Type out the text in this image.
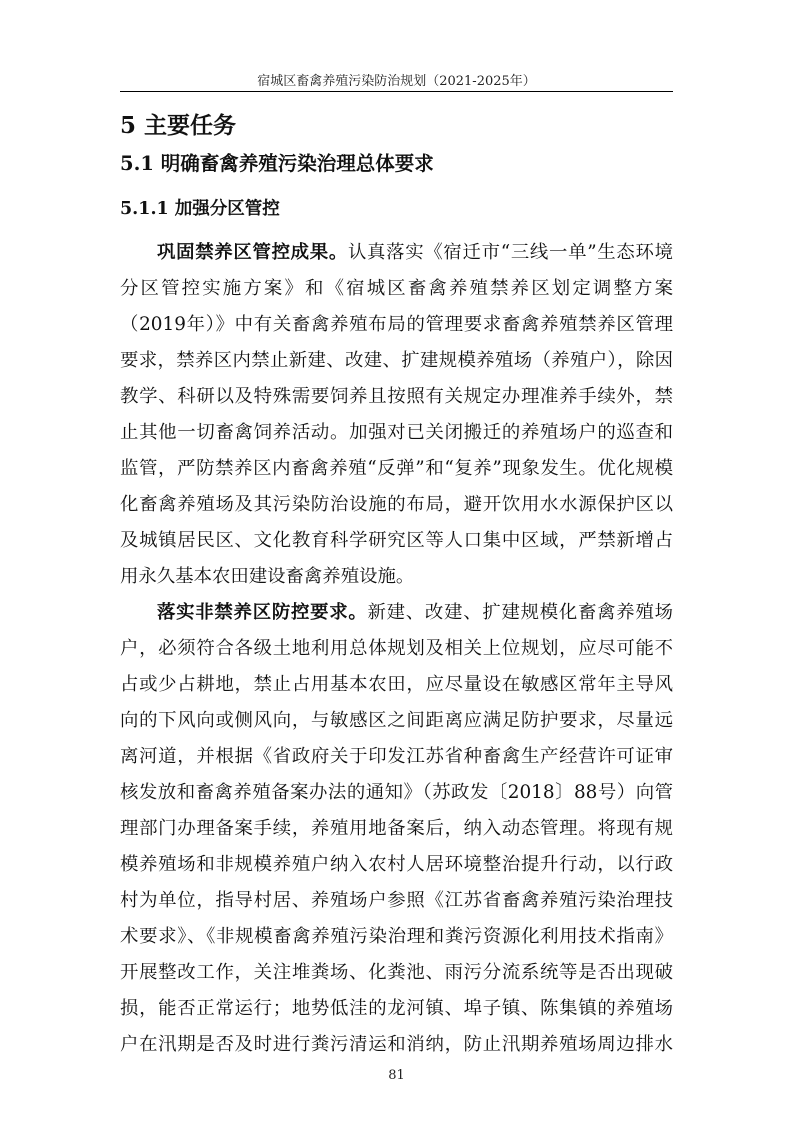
宿城区畜禽养殖污染防治规划（2021-2025年）
5 主要任务
5.1 明确畜禽养殖污染治理总体要求
5.1.1 加强分区管控
巩固禁养区管控成果。认真落实《宿迁市“三线一单”生态环境
分区管控实施方案》和《宿城区畜禽养殖禁养区划定调整方案
（2019年）》中有关畜禽养殖布局的管理要求畜禽养殖禁养区管理
要求，禁养区内禁止新建、改建、扩建规模养殖场（养殖户），除因
教学、科研以及特殊需要饲养且按照有关规定办理准养手续外，禁
止其他一切畜禽饲养活动。加强对已关闭搬迁的养殖场户的巡查和
监管，严防禁养区内畜禽养殖“反弹”和“复养”现象发生。优化规模
化畜禽养殖场及其污染防治设施的布局，避开饮用水水源保护区以
及城镇居民区、文化教育科学研究区等人口集中区域，严禁新增占
用永久基本农田建设畜禽养殖设施。
落实非禁养区防控要求。新建、改建、扩建规模化畜禽养殖场
户，必须符合各级土地利用总体规划及相关上位规划，应尽可能不
占或少占耕地，禁止占用基本农田，应尽量设在敏感区常年主导风
向的下风向或侧风向，与敏感区之间距离应满足防护要求，尽量远
离河道，并根据《省政府关于印发江苏省种畜禽生产经营许可证审
核发放和畜禽养殖备案办法的通知》（苏政发〔2018〕88号）向管
理部门办理备案手续，养殖用地备案后，纳入动态管理。将现有规
模养殖场和非规模养殖户纳入农村人居环境整治提升行动，以行政
村为单位，指导村居、养殖场户参照《江苏省畜禽养殖污染治理技
术要求》、《非规模畜禽养殖污染治理和粪污资源化利用技术指南》
开展整改工作，关注堆粪场、化粪池、雨污分流系统等是否出现破
损，能否正常运行；地势低洼的龙河镇、埠子镇、陈集镇的养殖场
户在汛期是否及时进行粪污清运和消纳，防止汛期养殖场周边排水
81
